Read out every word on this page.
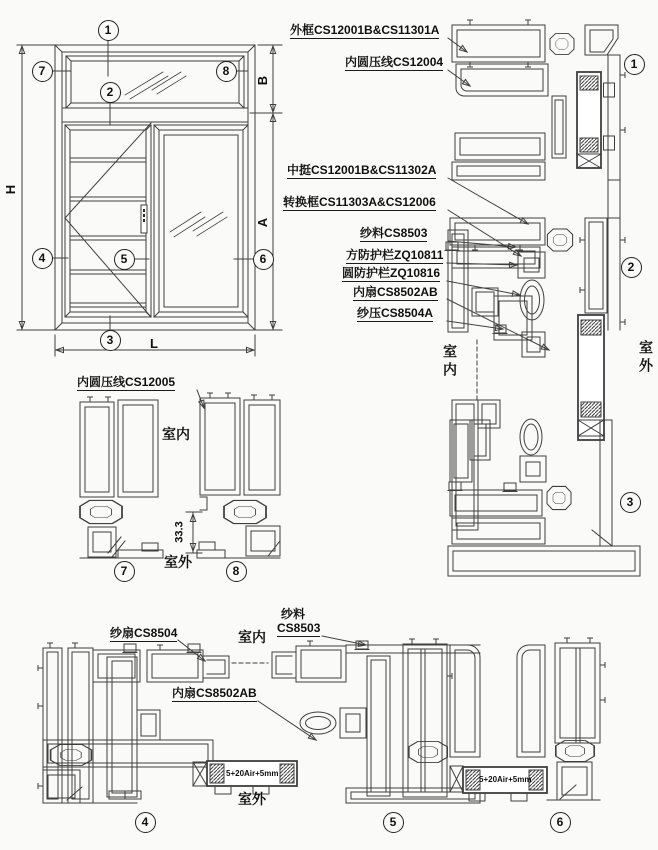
外框CS12001B&CS11301A
内圆压线CS12004
中挺CS12001B&CS11302A
转换框CS11303A&CS12006
纱料CS8503
方防护栏ZQ10811
圆防护栏ZQ10816
内扇CS8502AB
纱压CS8504A
内圆压线CS12005
室内
室外
室内	室外
纱扇CS8504	室内
纱料
CS8503
内扇CS8502AB
室外
5+20Air+5mm
5+20Air+5mm
H
B
A
L
33.3
1
2
3
4	5	6
7	8	1
2
3
7	8
4	5	6
